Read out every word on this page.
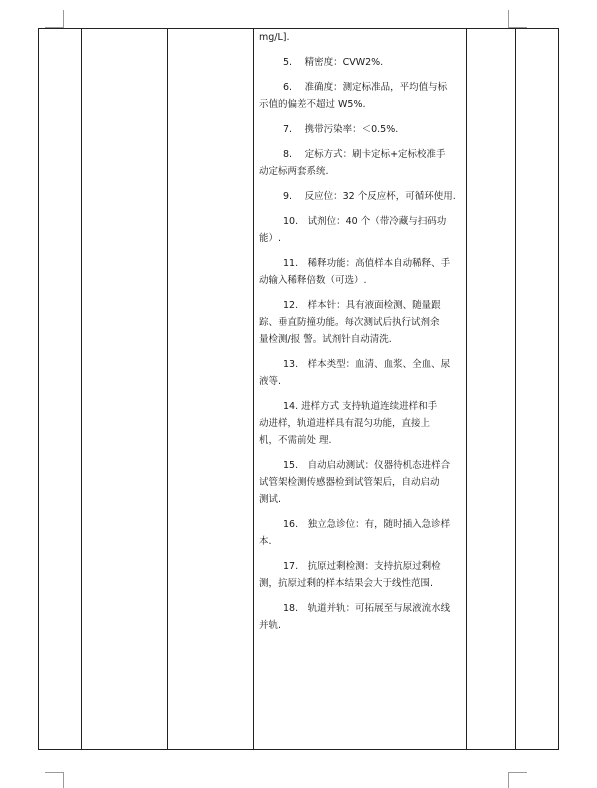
mg/L].
5.　 精密度：CVW2%.
6.　 准确度：测定标准品，平均值与标
示值的偏差不超过 W5%.
7.　 携带污染率：＜0.5%.
8.　 定标方式：刷卡定标+定标校准手
动定标两套系统.
9.　 反应位：32 个反应杯，可循环使用.
10.　试剂位：40 个（带冷藏与扫码功
能）.
11.　稀释功能：高值样本自动稀释、手
动输入稀释倍数（可选）.
12.　样本针：具有液面检测、随量跟
踪、垂直防撞功能。每次测试后执行试剂余
量检测/报 警。试剂针自动清洗.
13.　样本类型：血清、血浆、全血、尿
液等.
14. 进样方式 支持轨道连续进样和手
动进样，轨道进样具有混匀功能，直接上
机，不需前处 理.
15.　自动启动测试：仪器待机态进样合
试管架检测传感器检到试管架后，自动启动
测试.
16.　独立急诊位：有，随时插入急诊样
本.
17.　抗原过剩检测：支持抗原过剩检
测，抗原过剩的样本结果会大于线性范围.
18.　轨道并轨：可拓展至与尿液流水线
并轨.
